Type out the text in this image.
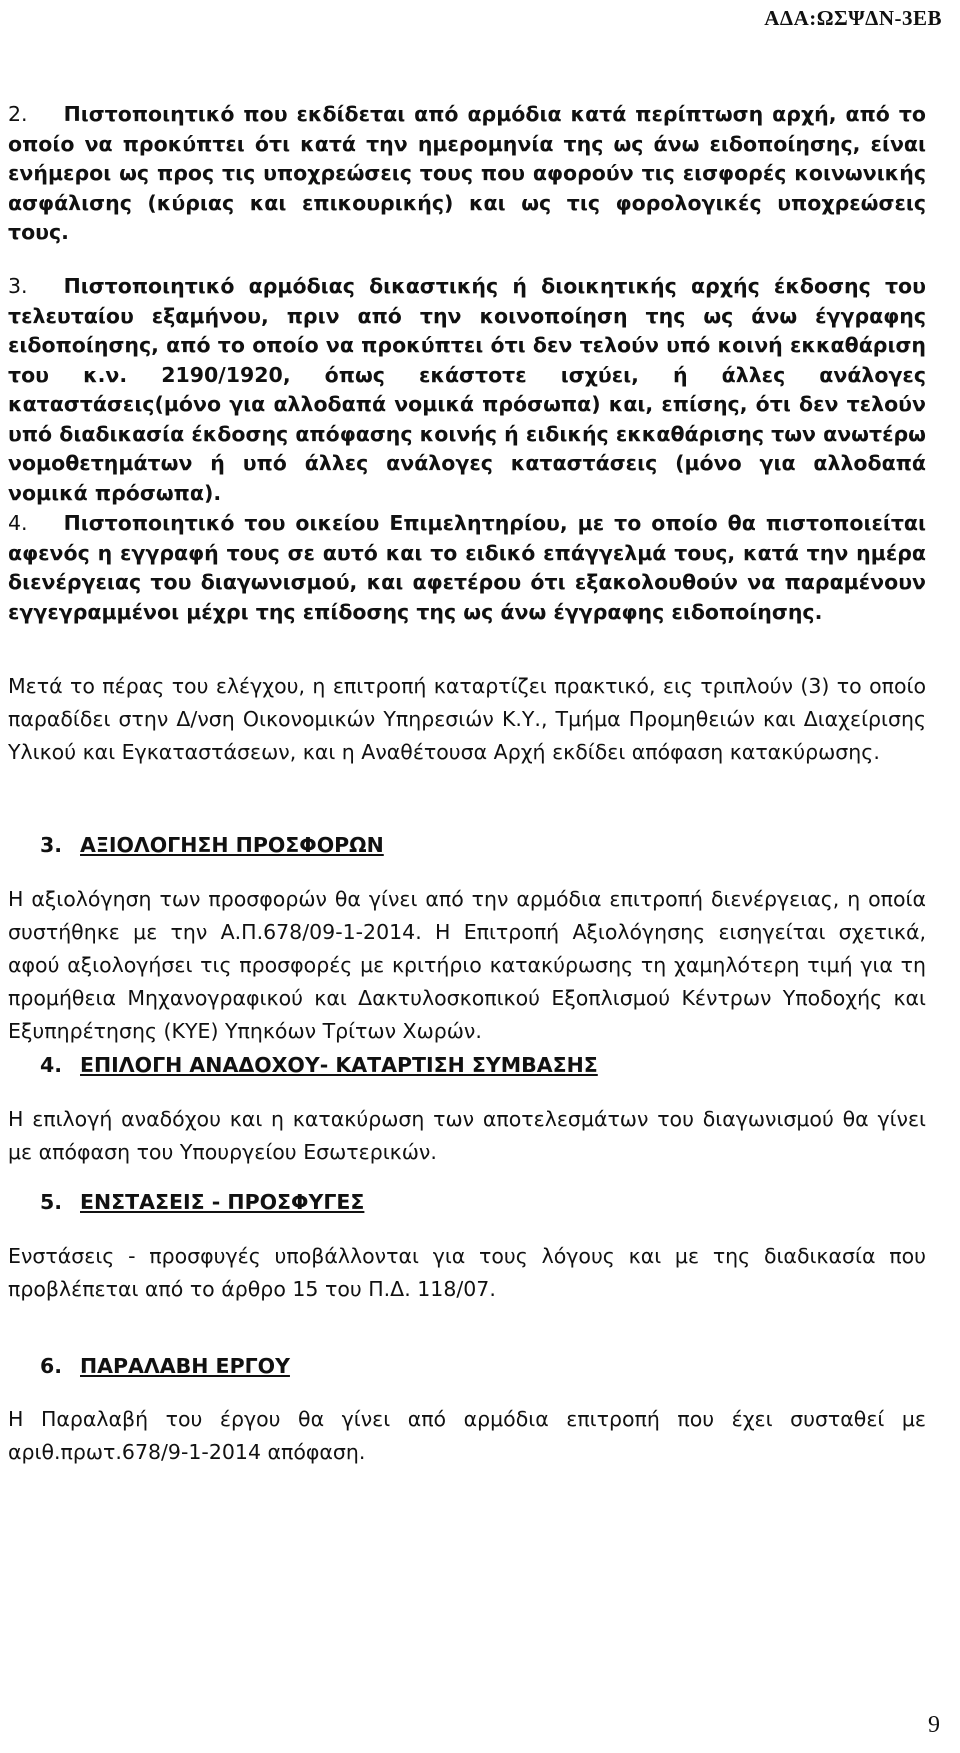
ΑΔΑ:ΩΣΨΔΝ-3ΕΒ
2. Πιστοποιητικό που εκδίδεται από αρμόδια κατά περίπτωση αρχή, από το οποίο να προκύπτει ότι κατά την ημερομηνία της ως άνω ειδοποίησης, είναι ενήμεροι ως προς τις υποχρεώσεις τους που αφορούν τις εισφορές κοινωνικής ασφάλισης (κύριας και επικουρικής) και ως τις φορολογικές υποχρεώσεις τους.
3. Πιστοποιητικό αρμόδιας δικαστικής ή διοικητικής αρχής έκδοσης του τελευταίου εξαμήνου, πριν από την κοινοποίηση της ως άνω έγγραφης ειδοποίησης, από το οποίο να προκύπτει ότι δεν τελούν υπό κοινή εκκαθάριση του κ.ν. 2190/1920, όπως εκάστοτε ισχύει, ή άλλες ανάλογες καταστάσεις(μόνο για αλλοδαπά νομικά πρόσωπα) και, επίσης, ότι δεν τελούν υπό διαδικασία έκδοσης απόφασης κοινής ή ειδικής εκκαθάρισης των ανωτέρω νομοθετημάτων ή υπό άλλες ανάλογες καταστάσεις (μόνο για αλλοδαπά νομικά πρόσωπα).
4. Πιστοποιητικό του οικείου Επιμελητηρίου, με το οποίο θα πιστοποιείται αφενός η εγγραφή τους σε αυτό και το ειδικό επάγγελμά τους, κατά την ημέρα διενέργειας του διαγωνισμού, και αφετέρου ότι εξακολουθούν να παραμένουν εγγεγραμμένοι μέχρι της επίδοσης της ως άνω έγγραφης ειδοποίησης.
Μετά το πέρας του ελέγχου, η επιτροπή καταρτίζει πρακτικό, εις τριπλούν (3) το οποίο παραδίδει στην Δ/νση Οικονομικών Υπηρεσιών Κ.Υ., Τμήμα Προμηθειών και Διαχείρισης Υλικού και Εγκαταστάσεων, και η Αναθέτουσα Αρχή εκδίδει απόφαση κατακύρωσης.
3. ΑΞΙΟΛΟΓΗΣΗ ΠΡΟΣΦΟΡΩΝ
Η αξιολόγηση των προσφορών θα γίνει από την αρμόδια επιτροπή διενέργειας, η οποία συστήθηκε με την Α.Π.678/09-1-2014. Η Επιτροπή Αξιολόγησης εισηγείται σχετικά, αφού αξιολογήσει τις προσφορές με κριτήριο κατακύρωσης τη χαμηλότερη τιμή για τη προμήθεια Μηχανογραφικού και Δακτυλοσκοπικού Εξοπλισμού Κέντρων Υποδοχής και Εξυπηρέτησης (ΚΥΕ) Υπηκόων Τρίτων Χωρών.
4. ΕΠΙΛΟΓΗ ΑΝΑΔΟΧΟΥ- ΚΑΤΑΡΤΙΣΗ ΣΥΜΒΑΣΗΣ
Η επιλογή αναδόχου και η κατακύρωση των αποτελεσμάτων του διαγωνισμού θα γίνει με απόφαση του Υπουργείου Εσωτερικών.
5. ΕΝΣΤΑΣΕΙΣ - ΠΡΟΣΦΥΓΕΣ
Ενστάσεις - προσφυγές υποβάλλονται για τους λόγους και με της διαδικασία που προβλέπεται από το άρθρο 15 του Π.Δ. 118/07.
6. ΠΑΡΑΛΑΒΗ ΕΡΓΟΥ
Η Παραλαβή του έργου θα γίνει από αρμόδια επιτροπή που έχει συσταθεί με αριθ.πρωτ.678/9-1-2014 απόφαση.
9
